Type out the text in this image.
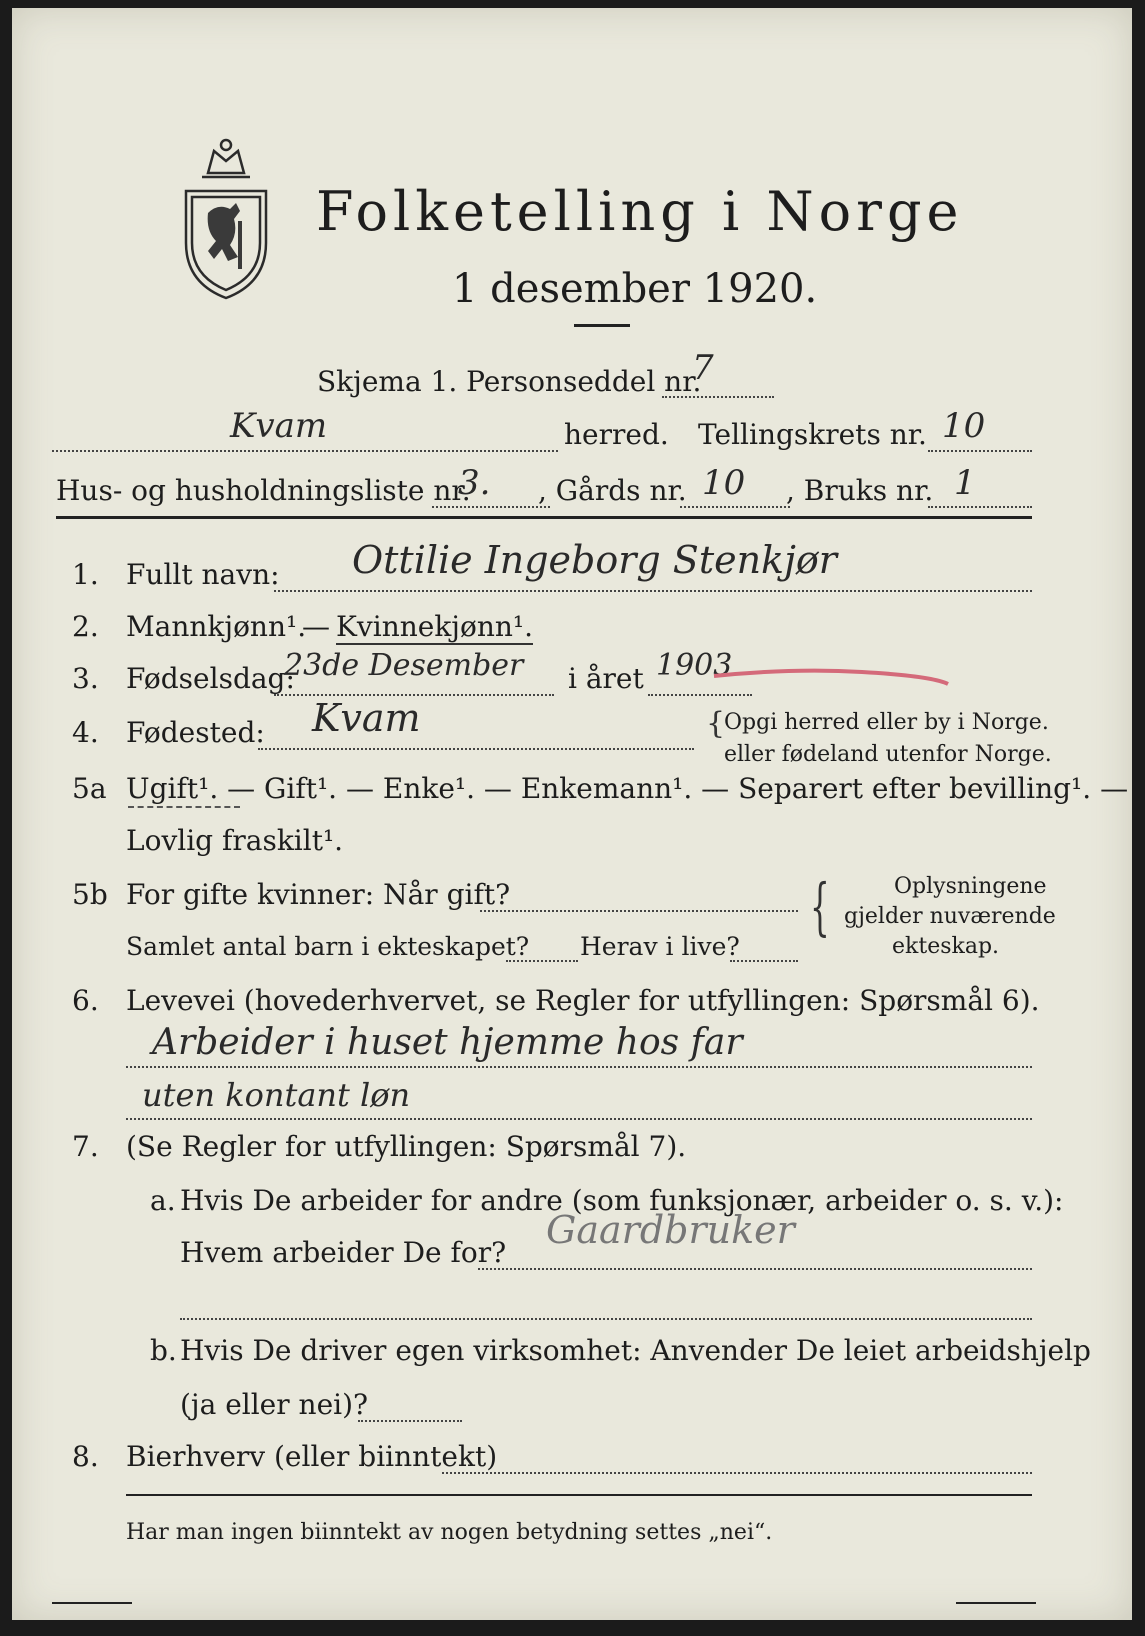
Folketelling i Norge
1 desember 1920.
Skjema 1. Personseddel nr.
7
Kvam	herred. Tellingskrets nr. 10
Hus- og husholdningsliste nr.
3. , Gårds nr. 10 , Bruks nr. 1
1. Fullt navn: Ottilie Ingeborg Stenkjør
2. Mannkjønn¹.
— Kvinnekjønn¹.
3. Fødselsdag:
23de Desember i året 1903
4. Fødested: Kvam	{
Opgi herred eller by i Norge.
eller fødeland utenfor Norge.
5a Ugift¹. — Gift¹. — Enke¹. — Enkemann¹. — Separert efter bevilling¹. —
Lovlig fraskilt¹.
5b For gifte kvinner: Når gift?
Samlet antal barn i ekteskapet? Herav i live?
{	Oplysningene
gjelder nuværende
ekteskap.
6. Levevei (hovederhvervet, se Regler for utfyllingen: Spørsmål 6).
Arbeider i huset hjemme hos far
uten kontant løn
7. (Se Regler for utfyllingen: Spørsmål 7).
a. Hvis De arbeider for andre (som funksjonær, arbeider o. s. v.):
Hvem arbeider De for?
Gaardbruker
b. Hvis De driver egen virksomhet: Anvender De leiet arbeidshjelp
(ja eller nei)?
8. Bierhverv (eller biinntekt)
Har man ingen biinntekt av nogen betydning settes „nei“.
